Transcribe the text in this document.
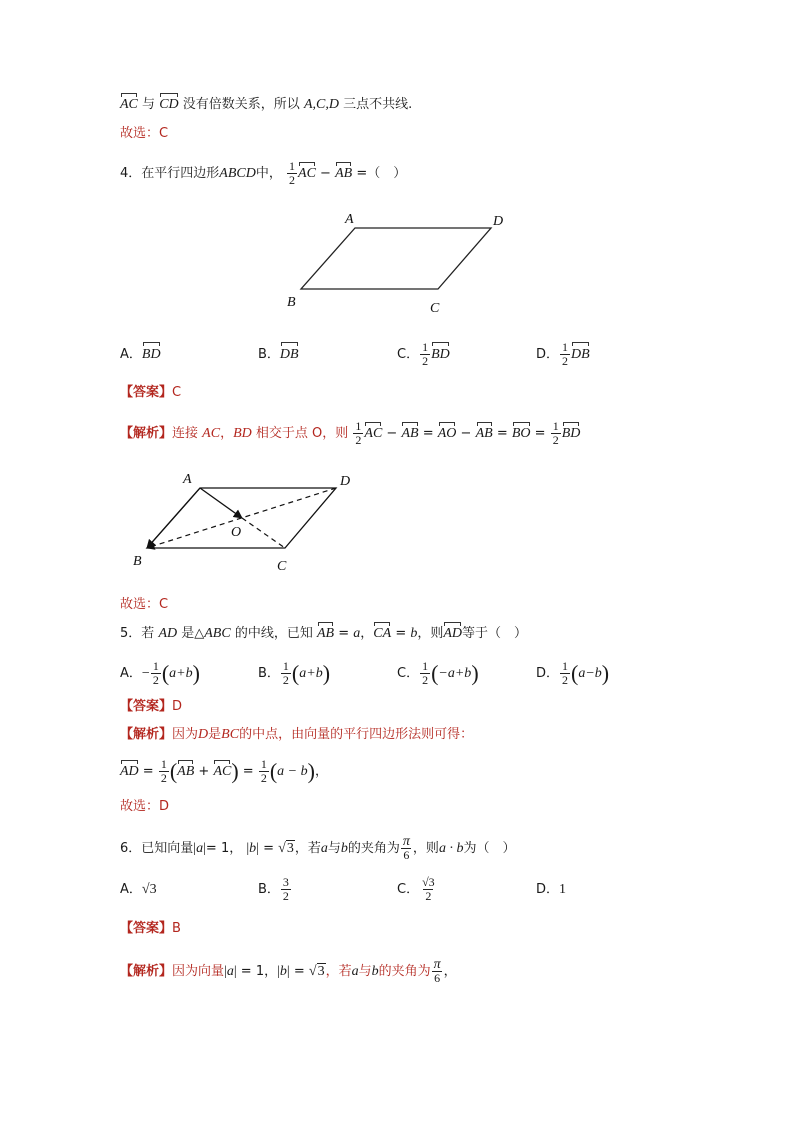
AC 与 CD 没有倍数关系，所以 A,C,D 三点不共线.
故选：C
4．在平行四边形ABCD中， $\frac{1}{2}$ AC − AB =（　）
A	D
B	C
A．BD	B．DB	C． $\frac{1}{2}$ BD	D． $\frac{1}{2}$ DB
【答案】C
【解析】连接 AC，BD 相交于点 O，则 $\frac{1}{2}$ AC − AB = AO − AB = BO = $\frac{1}{2}$ BD
A	D
B	C
O
故选：C
5．若 AD 是△ABC 的中线，已知 AB = a，CA = b，则AD等于（　）
A．− $\frac{1}{2} (a+b)$	B． $\frac{1}{2} (a+b)$	C． $\frac{1}{2} (-a+b)$	D． $\frac{1}{2} (a-b)$
【答案】D
【解析】因为D是BC的中点，由向量的平行四边形法则可得：
AD = $\frac{1}{2} (AB + AC) = \frac{1}{2} (a - b)$，
故选：D
6．已知向量|a|= 1， |b| = √3，若a与b的夹角为 $\frac{\pi}{6}$ ，则a · b为（　）
A．√3	B． $\frac{3}{2}$	C． $\frac{√3}{2}$	D．1
【答案】B
【解析】因为向量|a| = 1，|b| = √3，若a与b的夹角为 $\frac{\pi}{6}$ ，
